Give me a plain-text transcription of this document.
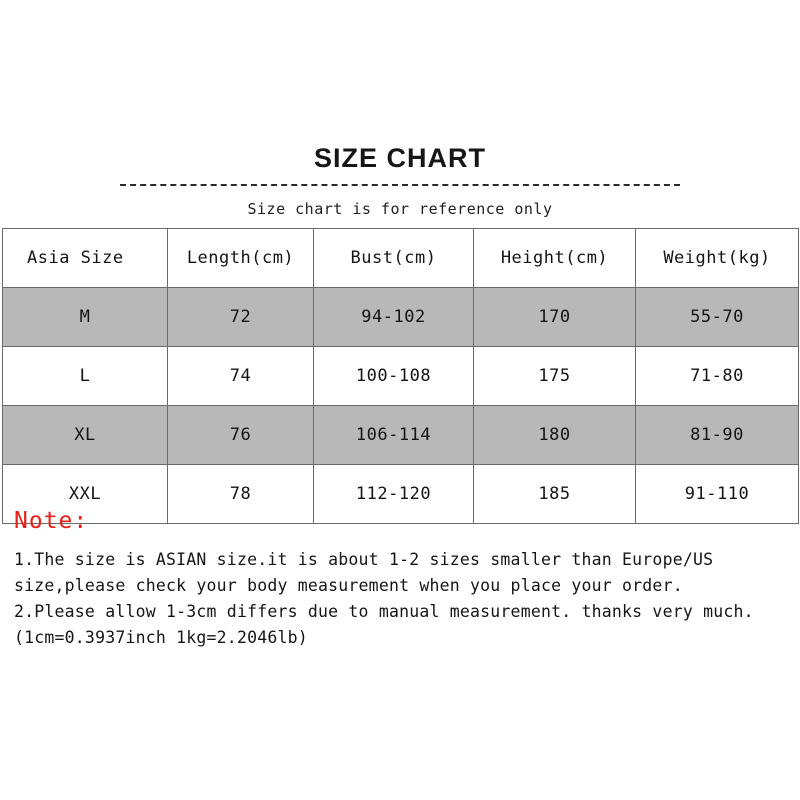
SIZE CHART
Size chart is for reference only
Asia Size	Length(cm)	Bust(cm)	Height(cm)	Weight(kg)
M	72	94-102	170	55-70
L	74	100-108	175	71-80
XL	76	106-114	180	81-90
XXL	78	112-120	185	91-110
Note:
1.The size is ASIAN size.it is about 1-2 sizes smaller than Europe/US size,please check your body measurement when you place your order.
2.Please allow 1-3cm differs due to manual measurement. thanks very much. (1cm=0.3937inch 1kg=2.2046lb)
